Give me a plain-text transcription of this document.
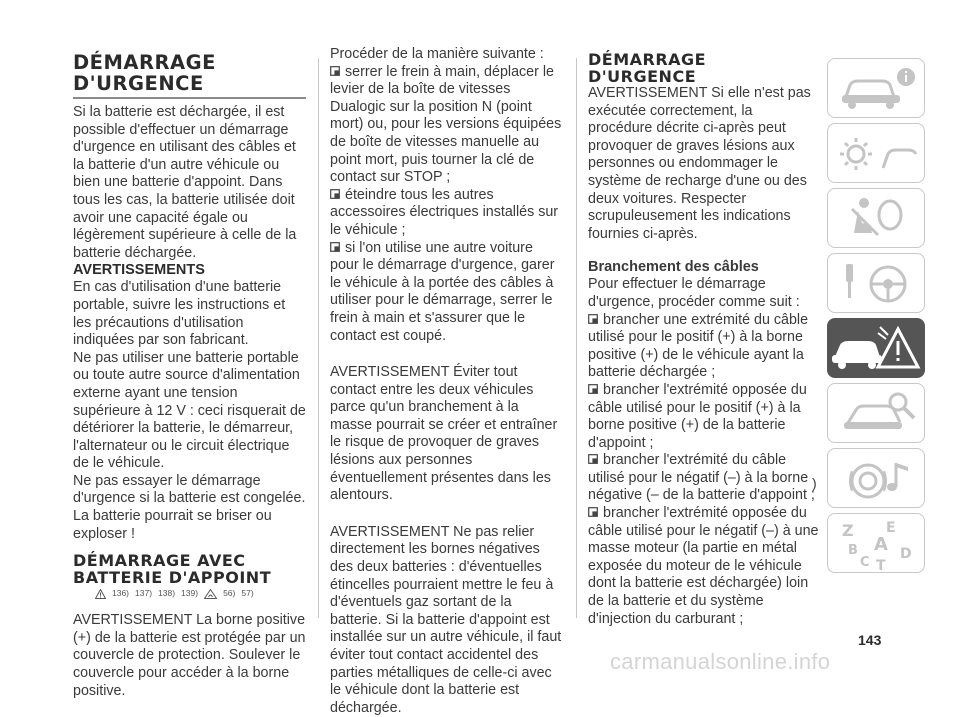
DÉMARRAGE
D'URGENCE

Si la batterie est déchargée, il est possible d'effectuer un démarrage d'urgence en utilisant des câbles et la batterie d'un autre véhicule ou bien une batterie d'appoint. Dans tous les cas, la batterie utilisée doit avoir une capacité égale ou légèrement supérieure à celle de la batterie déchargée.

AVERTISSEMENTS

En cas d'utilisation d'une batterie portable, suivre les instructions et les précautions d'utilisation indiquées par son fabricant.

Ne pas utiliser une batterie portable ou toute autre source d'alimentation externe ayant une tension supérieure à 12 V : ceci risquerait de détériorer la batterie, le démarreur, l'alternateur ou le circuit électrique de le véhicule.

Ne pas essayer le démarrage d'urgence si la batterie est congelée. La batterie pourrait se briser ou exploser !

DÉMARRAGE AVEC
BATTERIE D'APPOINT
136) 137) 138) 139)	56) 57)

AVERTISSEMENT La borne positive (+) de la batterie est protégée par un couvercle de protection. Soulever le couvercle pour accéder à la borne positive.

Procéder de la manière suivante :

serrer le frein à main, déplacer le levier de la boîte de vitesses Dualogic sur la position N (point mort) ou, pour les versions équipées de boîte de vitesses manuelle au point mort, puis tourner la clé de contact sur STOP ;

éteindre tous les autres accessoires électriques installés sur le véhicule ;

si l'on utilise une autre voiture pour le démarrage d'urgence, garer le véhicule à la portée des câbles à utiliser pour le démarrage, serrer le frein à main et s'assurer que le contact est coupé.

AVERTISSEMENT Éviter tout contact entre les deux véhicules parce qu'un branchement à la masse pourrait se créer et entraîner le risque de provoquer de graves lésions aux personnes éventuellement présentes dans les alentours.

AVERTISSEMENT Ne pas relier directement les bornes négatives des deux batteries : d'éventuelles étincelles pourraient mettre le feu à d'éventuels gaz sortant de la batterie. Si la batterie d'appoint est installée sur un autre véhicule, il faut éviter tout contact accidentel des parties métalliques de celle-ci avec le véhicule dont la batterie est déchargée.

DÉMARRAGE
D'URGENCE

AVERTISSEMENT Si elle n'est pas exécutée correctement, la procédure décrite ci-après peut provoquer de graves lésions aux personnes ou endommager le système de recharge d'une ou des deux voitures. Respecter scrupuleusement les indications fournies ci-après.

Branchement des câbles

Pour effectuer le démarrage d'urgence, procéder comme suit :

brancher une extrémité du câble utilisé pour le positif (+) à la borne positive (+) de le véhicule ayant la batterie déchargée ;

brancher l'extrémité opposée du câble utilisé pour le positif (+) à la borne positive (+) de la batterie d'appoint ;

brancher l'extrémité du câble utilisé pour le négatif (–) à la borne négative (– de la batterie d'appoint ;

brancher l'extrémité opposée du câble utilisé pour le négatif (–) à une masse moteur (la partie en métal exposée du moteur de le véhicule dont la batterie est déchargée) loin de la batterie et du système d'injection du carburant ;

)
Z E
B A
C T
D
143
carmanualsonline.info
